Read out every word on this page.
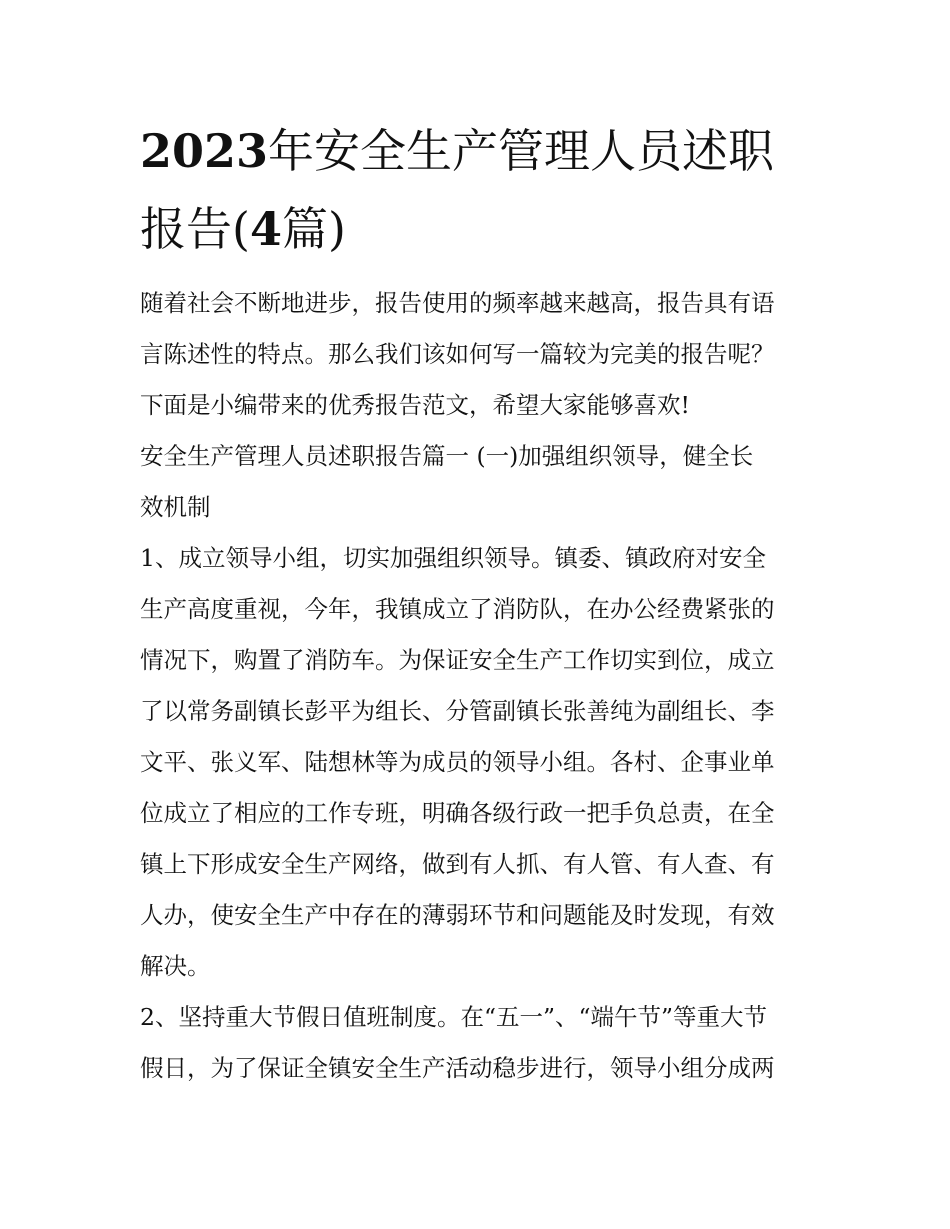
2023年安全生产管理人员述职
报告(4篇)
随着社会不断地进步，报告使用的频率越来越高，报告具有语
言陈述性的特点。那么我们该如何写一篇较为完美的报告呢？
下面是小编带来的优秀报告范文，希望大家能够喜欢!
安全生产管理人员述职报告篇一 (一)加强组织领导，健全长
效机制
1、成立领导小组，切实加强组织领导。镇委、镇政府对安全
生产高度重视，今年，我镇成立了消防队，在办公经费紧张的
情况下，购置了消防车。为保证安全生产工作切实到位，成立
了以常务副镇长彭平为组长、分管副镇长张善纯为副组长、李
文平、张义军、陆想林等为成员的领导小组。各村、企事业单
位成立了相应的工作专班，明确各级行政一把手负总责，在全
镇上下形成安全生产网络，做到有人抓、有人管、有人查、有
人办，使安全生产中存在的薄弱环节和问题能及时发现，有效
解决。
2、坚持重大节假日值班制度。在“五一”、“端午节”等重大节
假日，为了保证全镇安全生产活动稳步进行，领导小组分成两
